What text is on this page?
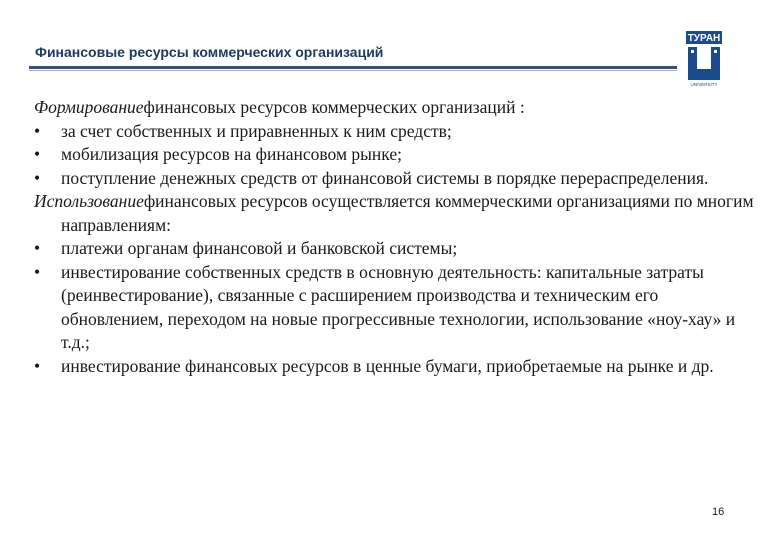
Финансовые ресурсы коммерческих организаций
ТУРАН
UNIVERSITY
Формированиефинансовых ресурсов коммерческих организаций :
•	за счет собственных и приравненных к ним средств;
•	мобилизация ресурсов на финансовом рынке;
•	поступление денежных средств от финансовой системы в порядке перераспределения.
Использованиефинансовых ресурсов осуществляется коммерческими организациями по многим направлениям:
•	платежи органам финансовой и банковской системы;
•	инвестирование собственных средств в основную деятельность: капитальные затраты (реинвестирование), связанные с расширением производства и техническим его обновлением, переходом на новые прогрессивные технологии, использование «ноу-хау» и т.д.;
•	инвестирование финансовых ресурсов в ценные бумаги, приобретаемые на рынке и др.
16
